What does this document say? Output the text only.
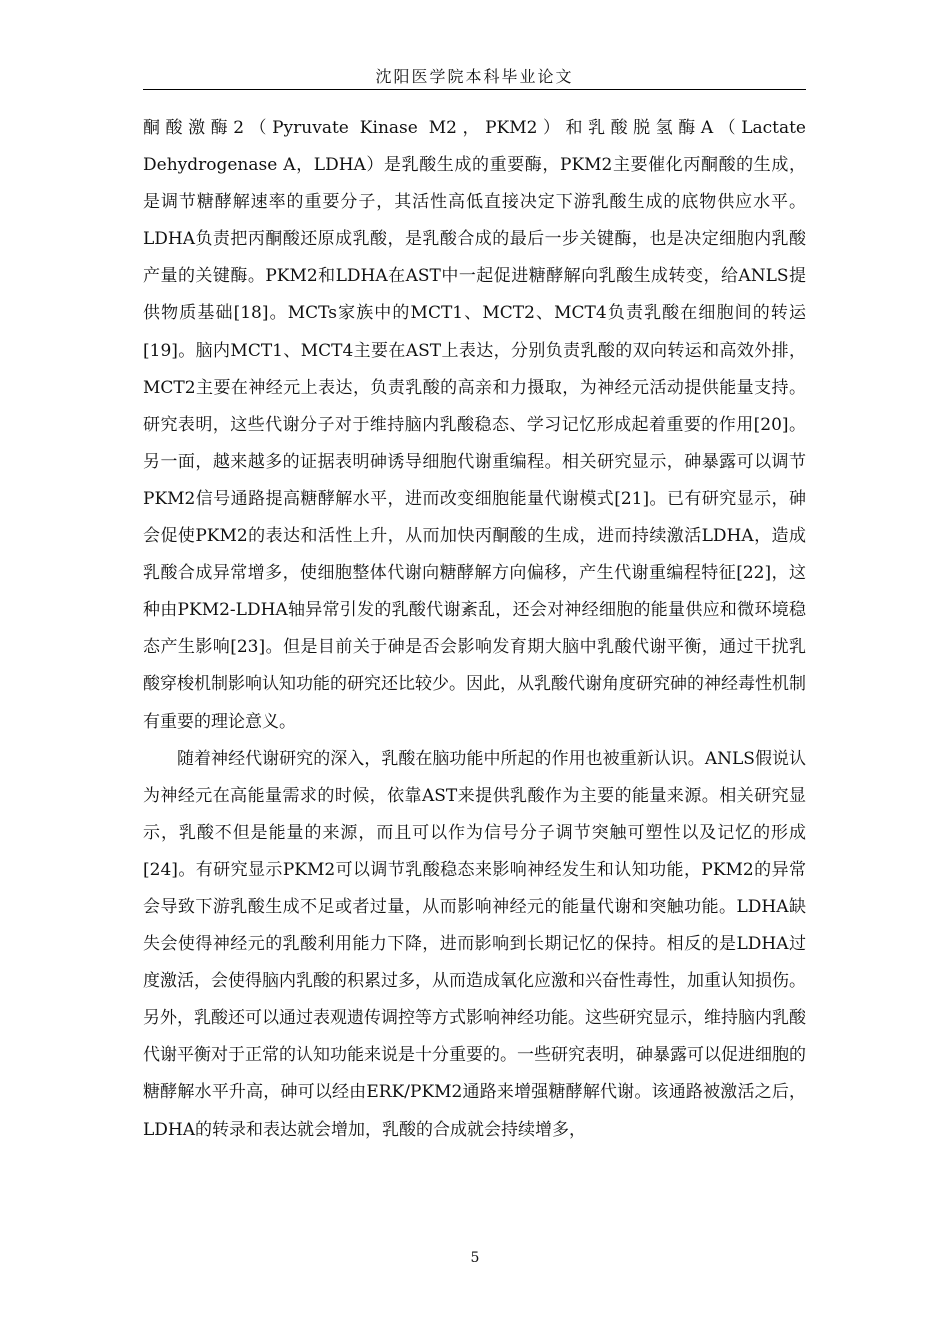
沈阳医学院本科毕业论文

酮酸激酶2（Pyruvate Kinase M2，PKM2）和乳酸脱氢酶A（Lactate Dehydrogenase A，LDHA）是乳酸生成的重要酶，PKM2主要催化丙酮酸的生成，是调节糖酵解速率的重要分子，其活性高低直接决定下游乳酸生成的底物供应水平。LDHA负责把丙酮酸还原成乳酸，是乳酸合成的最后一步关键酶，也是决定细胞内乳酸产量的关键酶。PKM2和LDHA在AST中一起促进糖酵解向乳酸生成转变，给ANLS提供物质基础[18]。MCTs家族中的MCT1、MCT2、MCT4负责乳酸在细胞间的转运[19]。脑内MCT1、MCT4主要在AST上表达，分别负责乳酸的双向转运和高效外排，MCT2主要在神经元上表达，负责乳酸的高亲和力摄取，为神经元活动提供能量支持。研究表明，这些代谢分子对于维持脑内乳酸稳态、学习记忆形成起着重要的作用[20]。另一面，越来越多的证据表明砷诱导细胞代谢重编程。相关研究显示，砷暴露可以调节PKM2信号通路提高糖酵解水平，进而改变细胞能量代谢模式[21]。已有研究显示，砷会促使PKM2的表达和活性上升，从而加快丙酮酸的生成，进而持续激活LDHA，造成乳酸合成异常增多，使细胞整体代谢向糖酵解方向偏移，产生代谢重编程特征[22]，这种由PKM2-LDHA轴异常引发的乳酸代谢紊乱，还会对神经细胞的能量供应和微环境稳态产生影响[23]。但是目前关于砷是否会影响发育期大脑中乳酸代谢平衡，通过干扰乳酸穿梭机制影响认知功能的研究还比较少。因此，从乳酸代谢角度研究砷的神经毒性机制有重要的理论意义。

随着神经代谢研究的深入，乳酸在脑功能中所起的作用也被重新认识。ANLS假说认为神经元在高能量需求的时候，依靠AST来提供乳酸作为主要的能量来源。相关研究显示，乳酸不但是能量的来源，而且可以作为信号分子调节突触可塑性以及记忆的形成[24]。有研究显示PKM2可以调节乳酸稳态来影响神经发生和认知功能，PKM2的异常会导致下游乳酸生成不足或者过量，从而影响神经元的能量代谢和突触功能。LDHA缺失会使得神经元的乳酸利用能力下降，进而影响到长期记忆的保持。相反的是LDHA过度激活，会使得脑内乳酸的积累过多，从而造成氧化应激和兴奋性毒性，加重认知损伤。另外，乳酸还可以通过表观遗传调控等方式影响神经功能。这些研究显示，维持脑内乳酸代谢平衡对于正常的认知功能来说是十分重要的。一些研究表明，砷暴露可以促进细胞的糖酵解水平升高，砷可以经由ERK/PKM2通路来增强糖酵解代谢。该通路被激活之后，LDHA的转录和表达就会增加，乳酸的合成就会持续增多，

5
